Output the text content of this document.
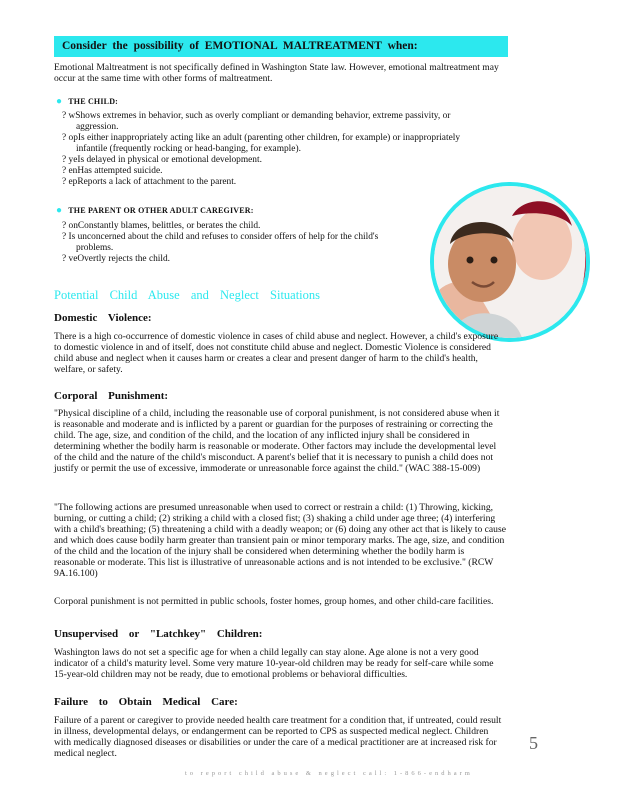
Consider the possibility of EMOTIONAL MALTREATMENT when:
Emotional Maltreatment is not specifically defined in Washington State law. However, emotional maltreatment may occur at the same time with other forms of maltreatment.
● THE CHILD:
? wShows extremes in behavior, such as overly compliant or demanding behavior, extreme passivity, or aggression.
? opIs either inappropriately acting like an adult (parenting other children, for example) or inappropriately infantile (frequently rocking or head-banging, for example).
? yeIs delayed in physical or emotional development.
? enHas attempted suicide.
? epReports a lack of attachment to the parent.
● THE PARENT OR OTHER ADULT CAREGIVER:
? onConstantly blames, belittles, or berates the child.
? Is unconcerned about the child and refuses to consider offers of help for the child's problems.
? veOvertly rejects the child.
Potential Child Abuse and Neglect Situations
Domestic Violence:
There is a high co-occurrence of domestic violence in cases of child abuse and neglect. However, a child's exposure to domestic violence in and of itself, does not constitute child abuse and neglect. Domestic Violence is considered child abuse and neglect when it causes harm or creates a clear and present danger of harm to the child's health, welfare, or safety.
Corporal Punishment:
"Physical discipline of a child, including the reasonable use of corporal punishment, is not considered abuse when it is reasonable and moderate and is inflicted by a parent or guardian for the purposes of restraining or correcting the child. The age, size, and condition of the child, and the location of any inflicted injury shall be considered in determining whether the bodily harm is reasonable or moderate. Other factors may include the developmental level of the child and the nature of the child's misconduct. A parent's belief that it is necessary to punish a child does not justify or permit the use of excessive, immoderate or unreasonable force against the child." (WAC 388-15-009)
"The following actions are presumed unreasonable when used to correct or restrain a child: (1) Throwing, kicking, burning, or cutting a child; (2) striking a child with a closed fist; (3) shaking a child under age three; (4) interfering with a child's breathing; (5) threatening a child with a deadly weapon; or (6) doing any other act that is likely to cause and which does cause bodily harm greater than transient pain or minor temporary marks. The age, size, and condition of the child and the location of the injury shall be considered when determining whether the bodily harm is reasonable or moderate. This list is illustrative of unreasonable actions and is not intended to be exclusive." (RCW 9A.16.100)
Corporal punishment is not permitted in public schools, foster homes, group homes, and other child-care facilities.
Unsupervised or "Latchkey" Children:
Washington laws do not set a specific age for when a child legally can stay alone. Age alone is not a very good indicator of a child's maturity level. Some very mature 10-year-old children may be ready for self-care while some 15-year-old children may not be ready, due to emotional problems or behavioral difficulties.
Failure to Obtain Medical Care:
Failure of a parent or caregiver to provide needed health care treatment for a condition that, if untreated, could result in illness, developmental delays, or endangerment can be reported to CPS as suspected medical neglect. Children with medically diagnosed diseases or disabilities or under the care of a medical practitioner are at increased risk for medical neglect.
5
to report child abuse & neglect call: 1-866-endharm
